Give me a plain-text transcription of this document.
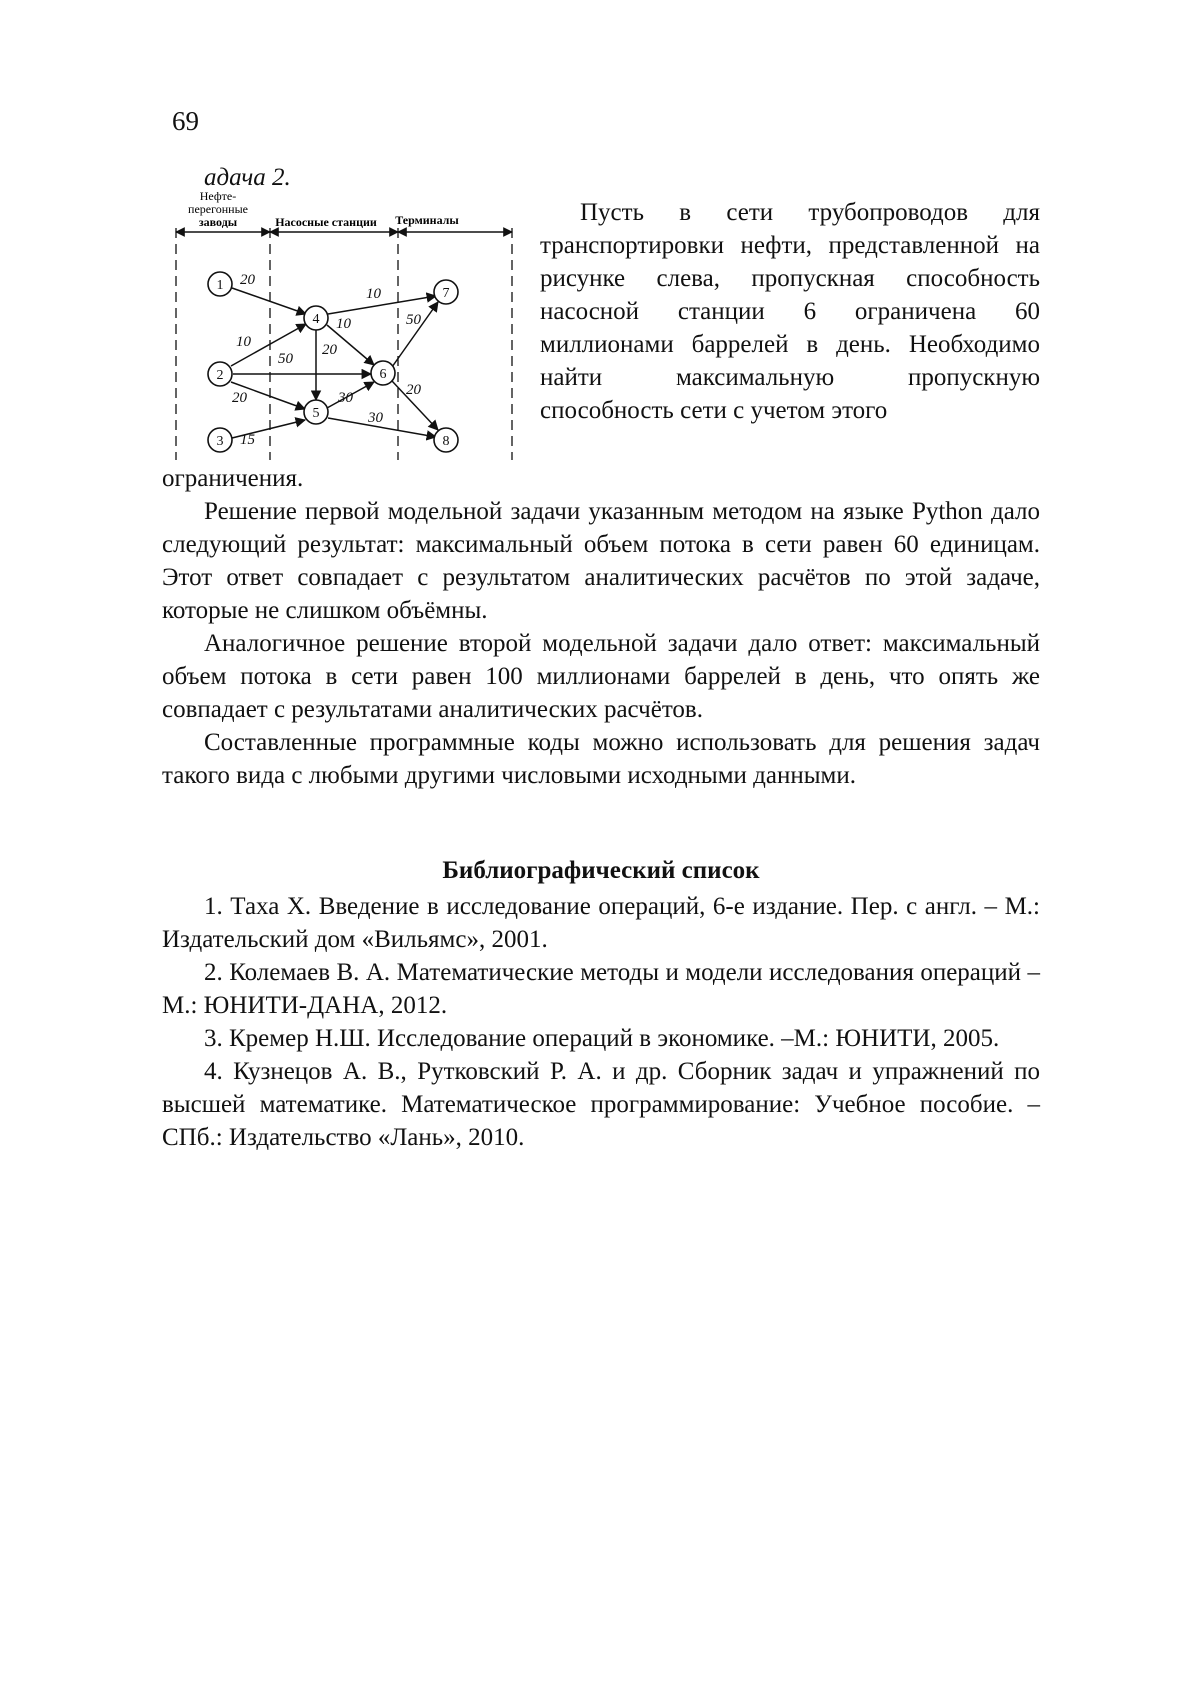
69
адача 2.
Нефте-
перегонные
заводы	Насосные станции Терминалы
20
10
50
20
15
10
10
20
30
30
50
20
1
2
3
4
5
6
7
8
Пусть в сети трубопроводов для транспортировки нефти, представленной на рисунке слева, пропускная способность насосной станции 6 ограничена 60 миллионами баррелей в день. Необходимо найти максимальную пропускную способность сети с учетом этого
ограничения.

Решение первой модельной задачи указанным методом на языке Python дало следующий результат: максимальный объем потока в сети равен 60 единицам. Этот ответ совпадает с результатом аналитических расчётов по этой задаче, которые не слишком объёмны.

Аналогичное решение второй модельной задачи дало ответ: максимальный объем потока в сети равен 100 миллионами баррелей в день, что опять же совпадает с результатами аналитических расчётов.

Составленные программные коды можно использовать для решения задач такого вида с любыми другими числовыми исходными данными.

Библиографический список

1. Таха Х. Введение в исследование операций, 6-е издание. Пер. с англ. – М.: Издательский дом «Вильямс», 2001.

2. Колемаев В. А. Математические методы и модели исследования операций – М.: ЮНИТИ-ДАНА, 2012.

3. Кремер Н.Ш. Исследование операций в экономике. –М.: ЮНИТИ, 2005.

4. Кузнецов А. В., Рутковский Р. А. и др. Сборник задач и упражнений по высшей математике. Математическое программирование: Учебное пособие. – СПб.: Издательство «Лань», 2010.
